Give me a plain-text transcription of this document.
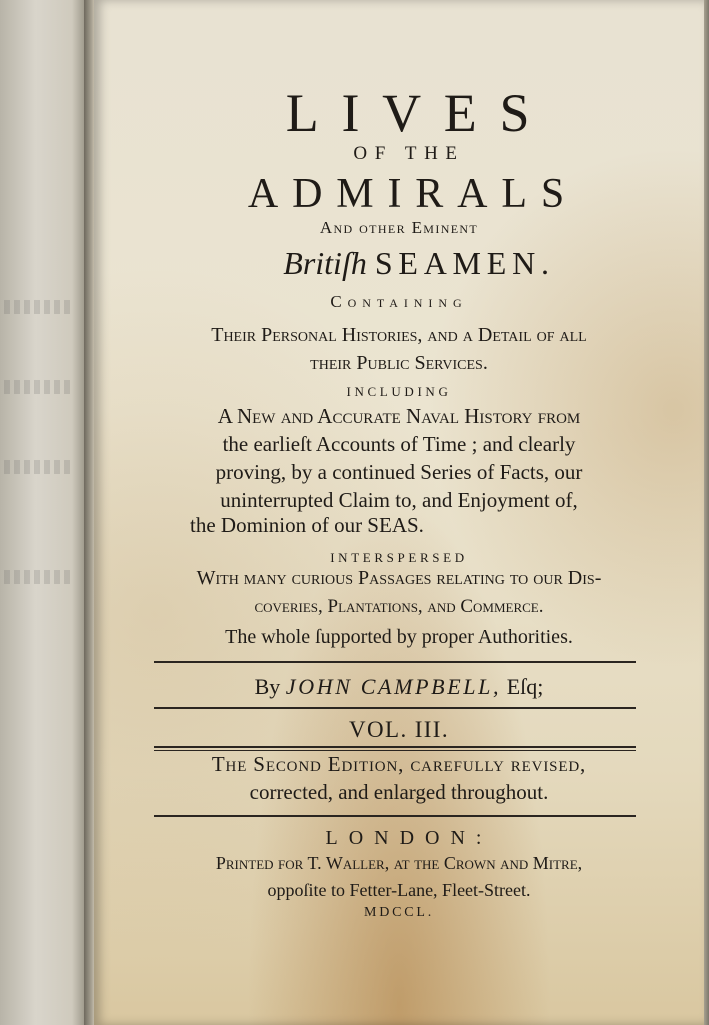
LIVES
OF THE
ADMIRALS
And other Eminent
Britiſh SEAMEN.
Containing
Their Perſonal Histories, and a Detail of all
their Public Services.
INCLUDING
A New and Accurate Naval History from
the earlieſt Accounts of Time ; and clearly
proving, by a continued Series of Facts, our
uninterrupted Claim to, and Enjoyment of,
the Dominion of our SEAS.
INTERSPERSED
With many curious Passages relating to our Dis-
coveries, Plantations, and Commerce.
The whole ſupported by proper Authorities.
By JOHN CAMPBELL, Eſq;
VOL. III.
The Second Edition, carefully reviſed,
corrected, and enlarged throughout.
LONDON:
Printed for T. Waller, at the Crown and Mitre,
oppoſite to Fetter-Lane, Fleet-Street.
MDCCL.
